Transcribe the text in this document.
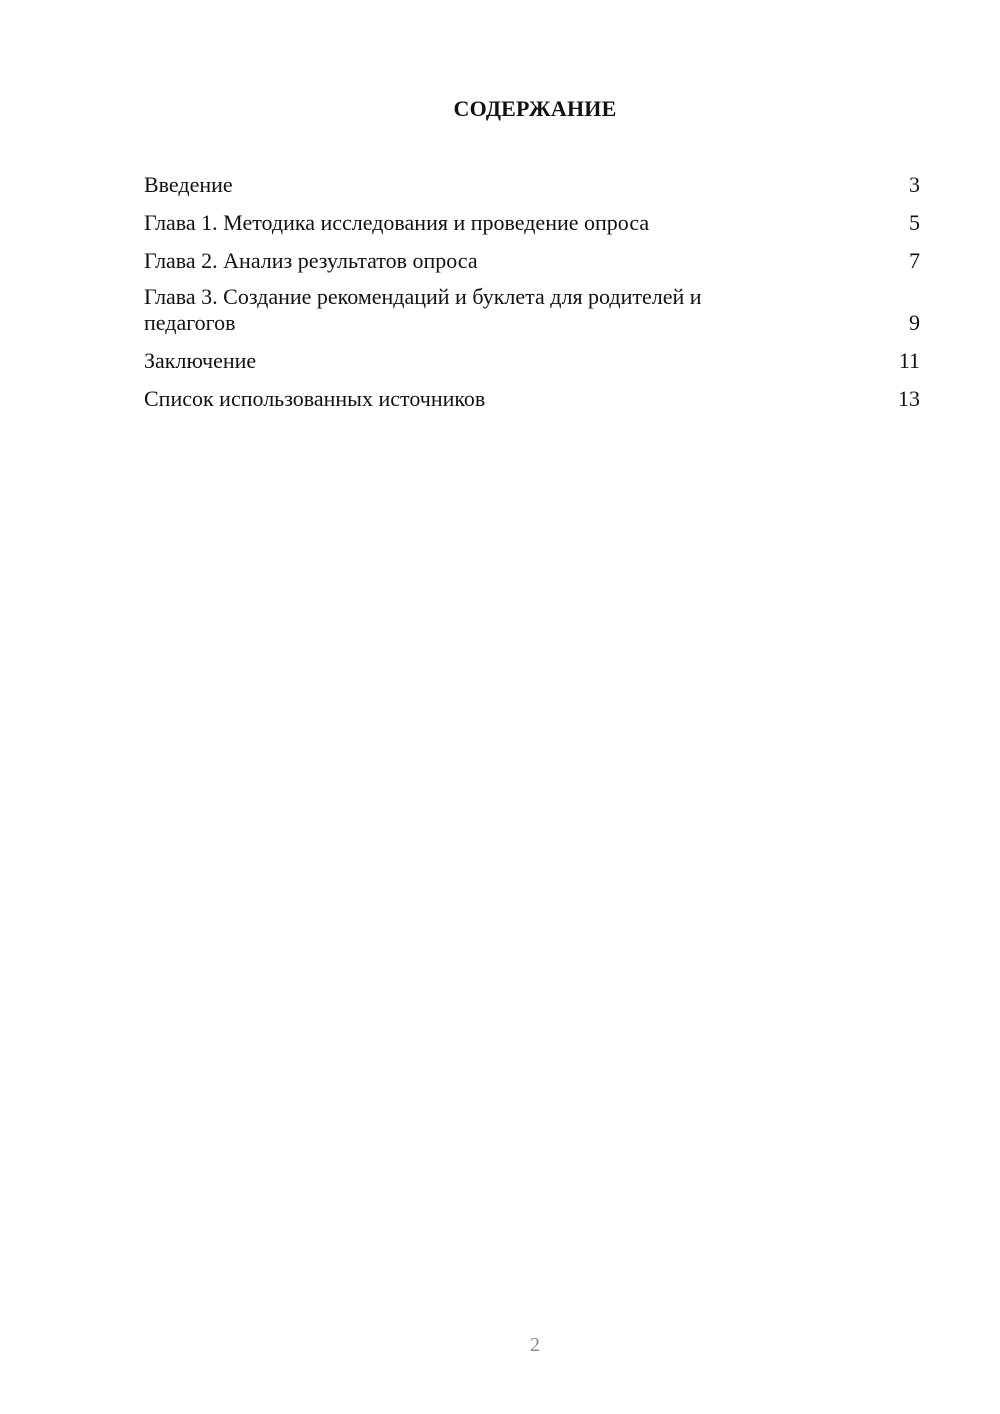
СОДЕРЖАНИЕ
Введение	3
Глава 1. Методика исследования и проведение опроса	5
Глава 2. Анализ результатов опроса	7
Глава 3. Создание рекомендаций и буклета для родителей и
педагогов	9
Заключение	11
Список использованных источников	13
2
